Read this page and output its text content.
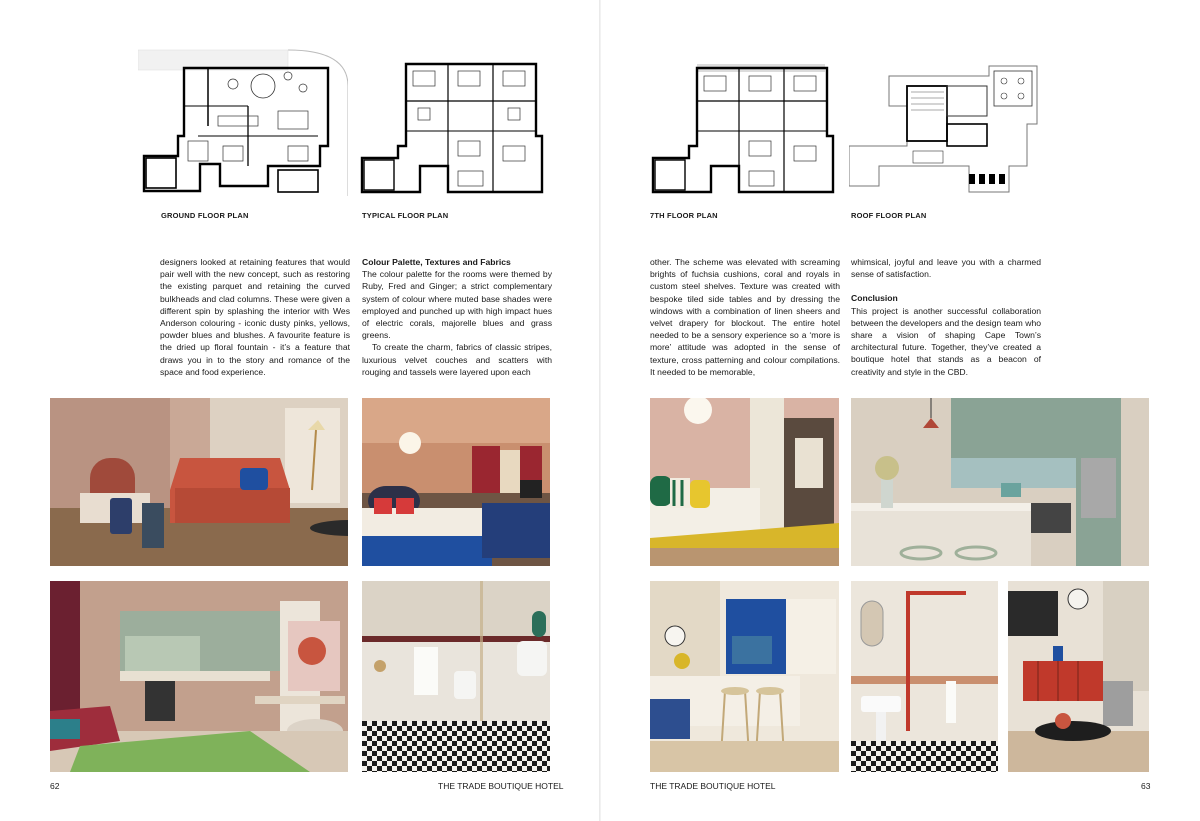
GROUND FLOOR PLAN	TYPICAL FLOOR PLAN

designers looked at retaining features that would pair well with the new concept, such as restoring the existing parquet and retaining the curved bulkheads and clad columns. These were given a different spin by splashing the interior with Wes Anderson colouring - iconic dusty pinks, yellows, powder blues and blushes. A favourite feature is the dried up floral fountain - it’s a feature that draws you in to the story and romance of the space and food experience.

Colour Palette, Textures and Fabrics

The colour palette for the rooms were themed by Ruby, Fred and Ginger; a strict complementary system of colour where muted base shades were employed and punched up with high impact hues of electric corals, majorelle blues and grass greens.

To create the charm, fabrics of classic stripes, luxurious velvet couches and scatters with rouging and tassels were layered upon each

62	THE TRADE BOUTIQUE HOTEL
7TH FLOOR PLAN	ROOF FLOOR PLAN

other. The scheme was elevated with screaming brights of fuchsia cushions, coral and royals in custom steel shelves. Texture was created with bespoke tiled side tables and by dressing the windows with a combination of linen sheers and velvet drapery for blockout. The entire hotel needed to be a sensory experience so a ‘more is more’ attitude was adopted in the sense of texture, cross patterning and colour compilations. It needed to be memorable,

whimsical, joyful and leave you with a charmed sense of satisfaction.

Conclusion

This project is another successful collaboration between the developers and the design team who share a vision of shaping Cape Town’s architectural future. Together, they’ve created a boutique hotel that stands as a beacon of creativity and style in the CBD.

THE TRADE BOUTIQUE HOTEL	63
